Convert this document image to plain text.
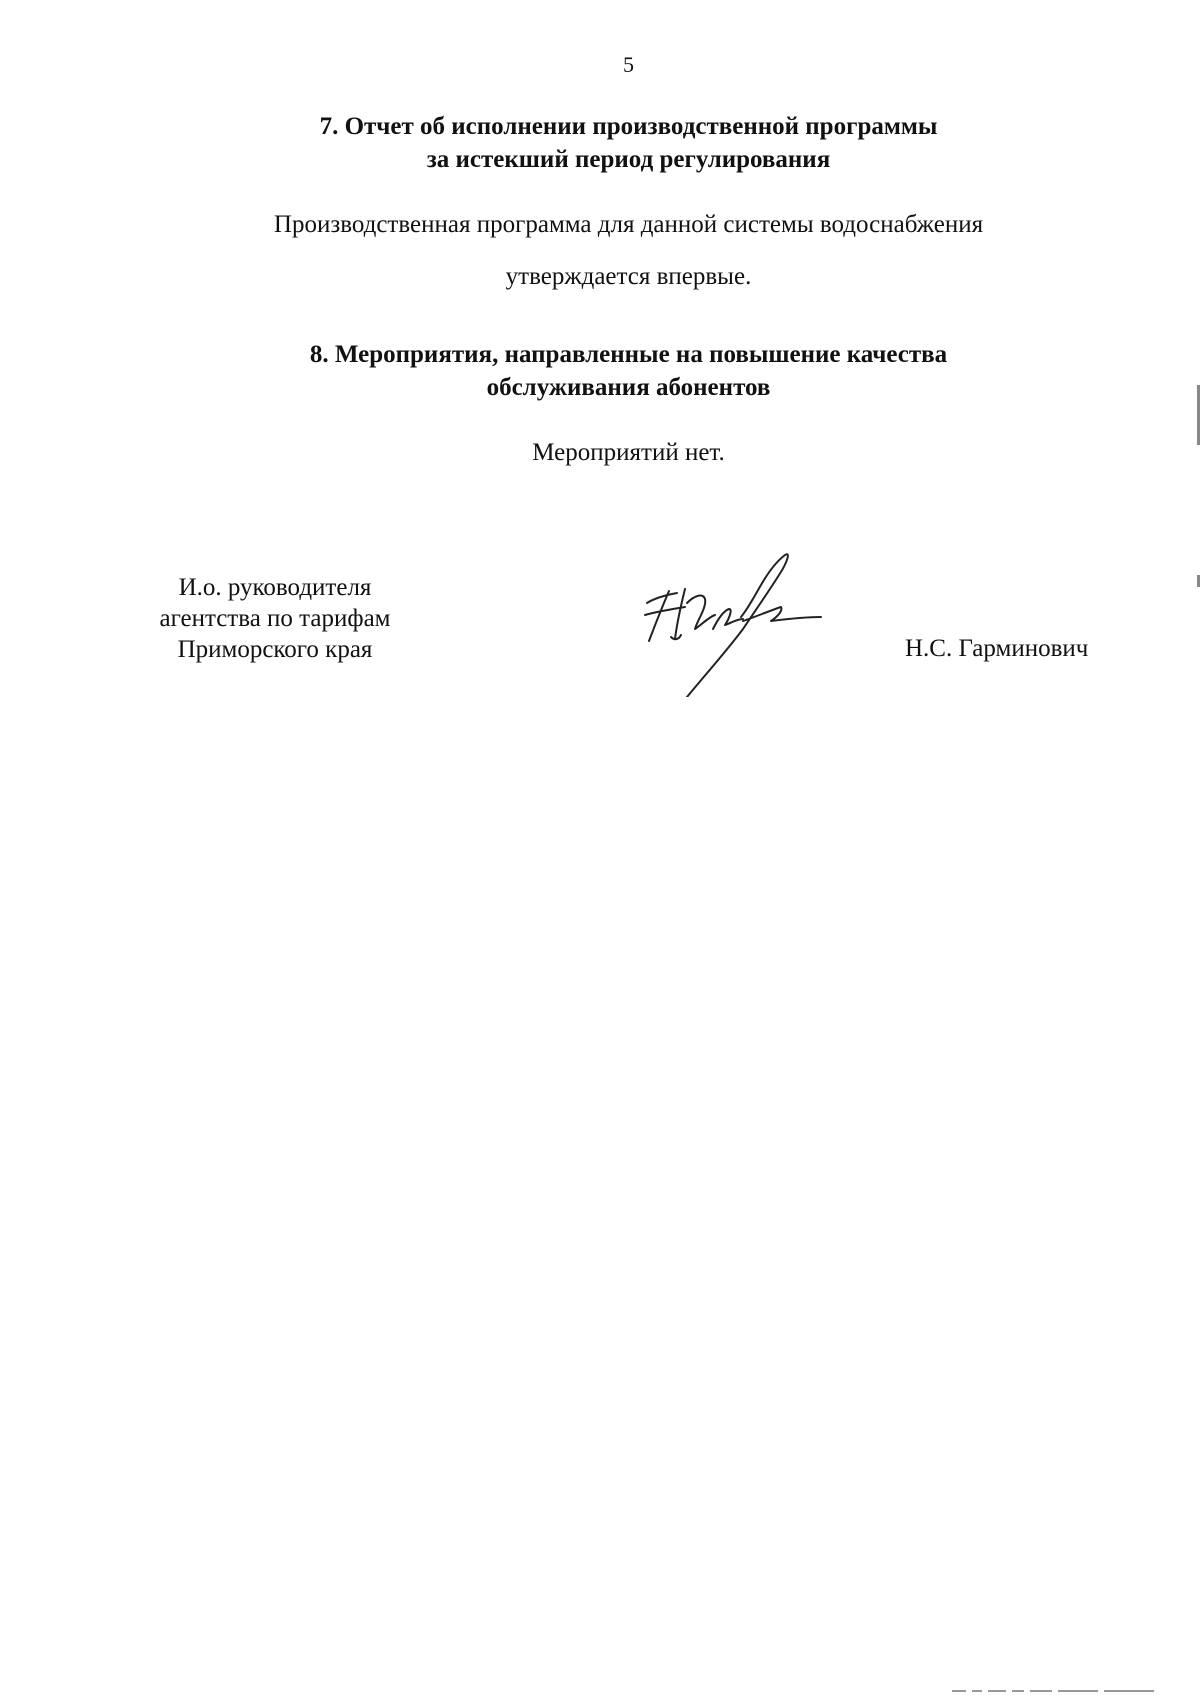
5
7. Отчет об исполнении производственной программы
за истекший период регулирования
Производственная программа для данной системы водоснабжения
утверждается впервые.
8. Мероприятия, направленные на повышение качества
обслуживания абонентов
Мероприятий нет.
И.о. руководителя
агентства по тарифам
Приморского края	Н.С. Гарминович
